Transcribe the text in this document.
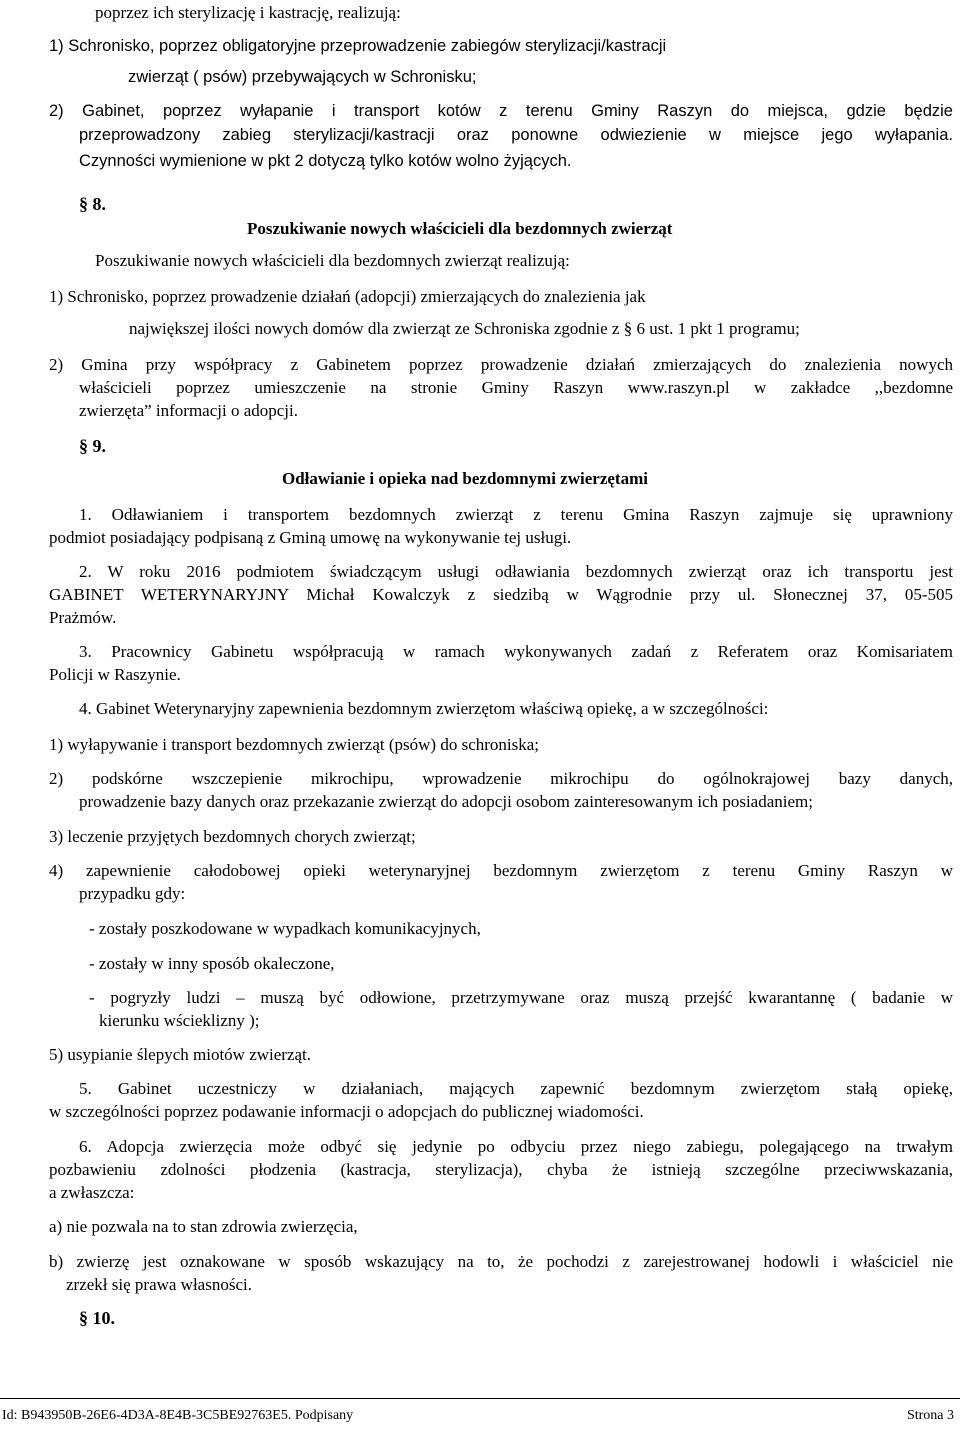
poprzez ich sterylizację i kastrację, realizują:
1) Schronisko, poprzez obligatoryjne przeprowadzenie zabiegów sterylizacji/kastracji
zwierząt ( psów) przebywających w Schronisku;
2) Gabinet, poprzez wyłapanie i transport kotów z terenu Gminy Raszyn do miejsca, gdzie będzie
przeprowadzony zabieg sterylizacji/kastracji oraz ponowne odwiezienie w miejsce jego wyłapania.
Czynności wymienione w pkt 2 dotyczą tylko kotów wolno żyjących.
§ 8.
Poszukiwanie nowych właścicieli dla bezdomnych zwierząt
Poszukiwanie nowych właścicieli dla bezdomnych zwierząt realizują:
1) Schronisko, poprzez prowadzenie działań (adopcji) zmierzających do znalezienia jak
największej ilości nowych domów dla zwierząt ze Schroniska zgodnie z § 6 ust. 1 pkt 1 programu;
2) Gmina przy współpracy z Gabinetem poprzez prowadzenie działań zmierzających do znalezienia nowych
właścicieli poprzez umieszczenie na stronie Gminy Raszyn www.raszyn.pl w zakładce ,,bezdomne
zwierzęta” informacji o adopcji.
§ 9.
Odławianie i opieka nad bezdomnymi zwierzętami
1. Odławianiem i transportem bezdomnych zwierząt z terenu Gmina Raszyn zajmuje się uprawniony
podmiot posiadający podpisaną z Gminą umowę na wykonywanie tej usługi.
2. W roku 2016 podmiotem świadczącym usługi odławiania bezdomnych zwierząt oraz ich transportu jest
GABINET WETERYNARYJNY Michał Kowalczyk z siedzibą w Wągrodnie przy ul. Słonecznej 37, 05-505
Prażmów.
3. Pracownicy Gabinetu współpracują w ramach wykonywanych zadań z Referatem oraz Komisariatem
Policji w Raszynie.
4. Gabinet Weterynaryjny zapewnienia bezdomnym zwierzętom właściwą opiekę, a w szczególności:
1) wyłapywanie i transport bezdomnych zwierząt (psów) do schroniska;
2) podskórne wszczepienie mikrochipu, wprowadzenie mikrochipu do ogólnokrajowej bazy danych,
prowadzenie bazy danych oraz przekazanie zwierząt do adopcji osobom zainteresowanym ich posiadaniem;
3) leczenie przyjętych bezdomnych chorych zwierząt;
4) zapewnienie całodobowej opieki weterynaryjnej bezdomnym zwierzętom z terenu Gminy Raszyn w
przypadku gdy:
- zostały poszkodowane w wypadkach komunikacyjnych,
- zostały w inny sposób okaleczone,
- pogryzły ludzi – muszą być odłowione, przetrzymywane oraz muszą przejść kwarantannę ( badanie w
kierunku wścieklizny );
5) usypianie ślepych miotów zwierząt.
5. Gabinet uczestniczy w działaniach, mających zapewnić bezdomnym zwierzętom stałą opiekę,
w szczególności poprzez podawanie informacji o adopcjach do publicznej wiadomości.
6. Adopcja zwierzęcia może odbyć się jedynie po odbyciu przez niego zabiegu, polegającego na trwałym
pozbawieniu zdolności płodzenia (kastracja, sterylizacja), chyba że istnieją szczególne przeciwwskazania,
a zwłaszcza:
a) nie pozwala na to stan zdrowia zwierzęcia,
b) zwierzę jest oznakowane w sposób wskazujący na to, że pochodzi z zarejestrowanej hodowli i właściciel nie
zrzekł się prawa własności.
§ 10.
Id: B943950B-26E6-4D3A-8E4B-3C5BE92763E5. Podpisany	Strona 3
